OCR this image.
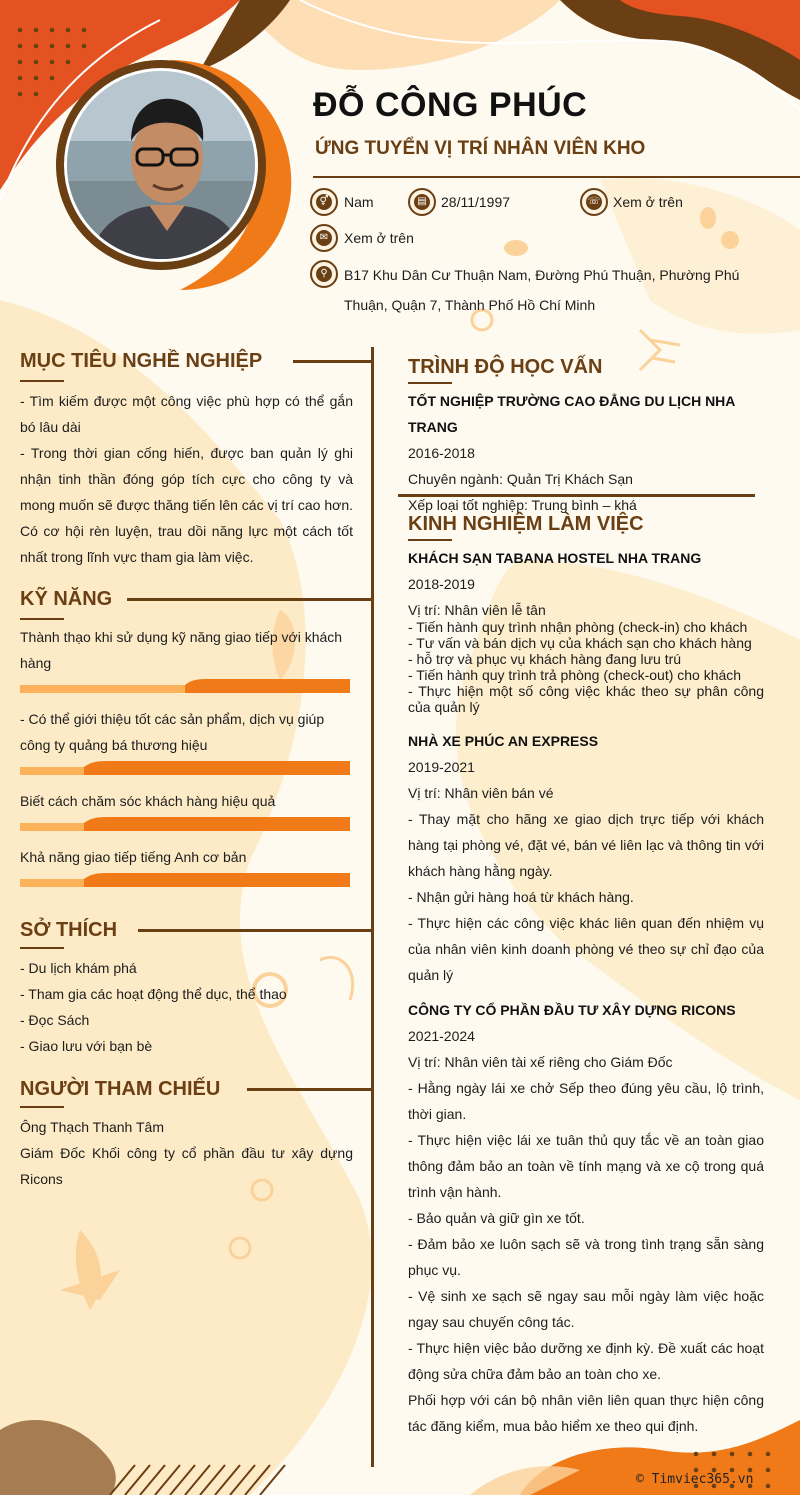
ĐỖ CÔNG PHÚC
ỨNG TUYỂN VỊ TRÍ NHÂN VIÊN KHO
⚥ Nam	▤ 28/11/1997	☏ Xem ở trên
✉ Xem ở trên
⚲	B17 Khu Dân Cư Thuận Nam, Đường Phú Thuận, Phường Phú
Thuận, Quận 7, Thành Phố Hồ Chí Minh
MỤC TIÊU NGHỀ NGHIỆP
- Tìm kiếm được một công việc phù hợp có thể gắn bó lâu dài
- Trong thời gian cống hiến, được ban quản lý ghi nhận tinh thần đóng góp tích cực cho công ty và mong muốn sẽ được thăng tiến lên các vị trí cao hơn. Có cơ hội rèn luyện, trau dồi năng lực một cách tốt nhất trong lĩnh vực tham gia làm việc.
KỸ NĂNG
Thành thạo khi sử dụng kỹ năng giao tiếp với khách hàng
- Có thể giới thiệu tốt các sản phẩm, dịch vụ giúp công ty quảng bá thương hiệu
Biết cách chăm sóc khách hàng hiệu quả
Khả năng giao tiếp tiếng Anh cơ bản
SỞ THÍCH
- Du lịch khám phá
- Tham gia các hoạt động thể dục, thể thao
- Đọc Sách
- Giao lưu với bạn bè
NGƯỜI THAM CHIẾU
Ông Thạch Thanh Tâm
Giám Đốc Khối công ty cổ phần đầu tư xây dựng Ricons
TRÌNH ĐỘ HỌC VẤN
TỐT NGHIỆP TRƯỜNG CAO ĐẲNG DU LỊCH NHA TRANG
2016-2018
Chuyên ngành: Quản Trị Khách Sạn
Xếp loại tốt nghiệp: Trung bình – khá
KINH NGHIỆM LÀM VIỆC
KHÁCH SẠN TABANA HOSTEL NHA TRANG
2018-2019
Vị trí: Nhân viên lễ tân
- Tiến hành quy trình nhận phòng (check-in) cho khách
- Tư vấn và bán dịch vụ của khách sạn cho khách hàng
- hỗ trợ và phục vụ khách hàng đang lưu trú
- Tiến hành quy trình trả phòng (check-out) cho khách
- Thực hiện một số công việc khác theo sự phân công của quản lý
NHÀ XE PHÚC AN EXPRESS
2019-2021
Vị trí: Nhân viên bán vé
- Thay mặt cho hãng xe giao dịch trực tiếp với khách hàng tại phòng vé, đặt vé, bán vé liên lạc và thông tin với khách hàng hằng ngày.
- Nhận gửi hàng hoá từ khách hàng.
- Thực hiện các công việc khác liên quan đến nhiệm vụ của nhân viên kinh doanh phòng vé theo sự chỉ đạo của quản lý
CÔNG TY CỔ PHẦN ĐẦU TƯ XÂY DỰNG RICONS
2021-2024
Vị trí: Nhân viên tài xế riêng cho Giám Đốc
- Hằng ngày lái xe chở Sếp theo đúng yêu cầu, lộ trình, thời gian.
- Thực hiện việc lái xe tuân thủ quy tắc về an toàn giao thông đảm bảo an toàn về tính mạng và xe cộ trong quá trình vận hành.
- Bảo quản và giữ gìn xe tốt.
- Đảm bảo xe luôn sạch sẽ và trong tình trạng sẵn sàng phục vụ.
- Vệ sinh xe sạch sẽ ngay sau mỗi ngày làm việc hoặc ngay sau chuyến công tác.
- Thực hiện việc bảo dưỡng xe định kỳ. Đề xuất các hoạt động sửa chữa đảm bảo an toàn cho xe.
Phối hợp với cán bộ nhân viên liên quan thực hiện công tác đăng kiểm, mua bảo hiểm xe theo qui định.
© Timviec365.vn
